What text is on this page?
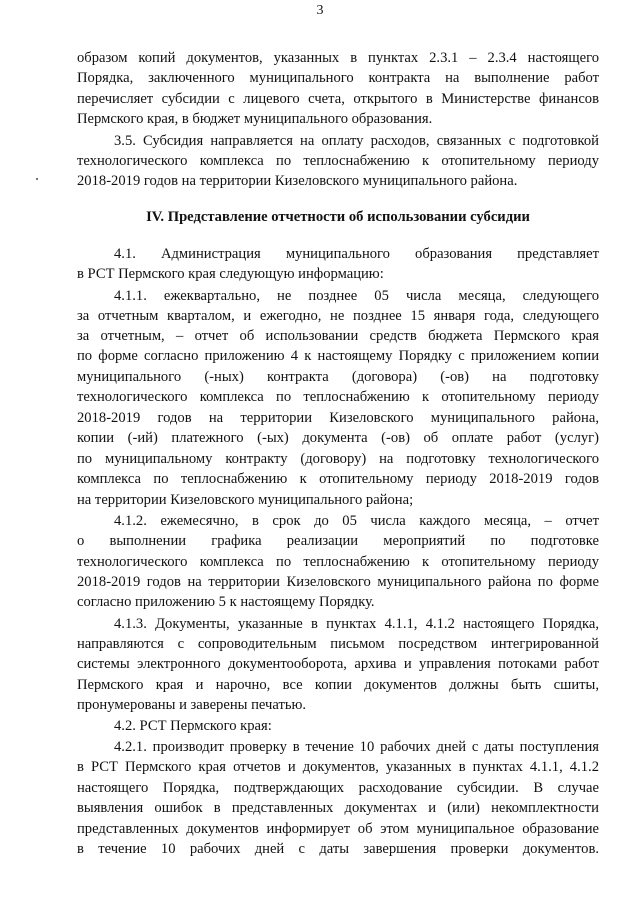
3
образом копий документов, указанных в пунктах 2.3.1 – 2.3.4 настоящего
Порядка, заключенного муниципального контракта на выполнение работ
перечисляет субсидии с лицевого счета, открытого в Министерстве финансов
Пермского края, в бюджет муниципального образования.
3.5. Субсидия направляется на оплату расходов, связанных с подготовкой
технологического комплекса по теплоснабжению к отопительному периоду
2018-2019 годов на территории Кизеловского муниципального района.
IV. Представление отчетности об использовании субсидии
4.1. Администрация муниципального образования представляет
в РСТ Пермского края следующую информацию:
4.1.1. ежеквартально, не позднее 05 числа месяца, следующего
за отчетным кварталом, и ежегодно, не позднее 15 января года, следующего
за отчетным, – отчет об использовании средств бюджета Пермского края
по форме согласно приложению 4 к настоящему Порядку с приложением копии
муниципального (-ных) контракта (договора) (-ов) на подготовку
технологического комплекса по теплоснабжению к отопительному периоду
2018-2019 годов на территории Кизеловского муниципального района,
копии (-ий) платежного (-ых) документа (-ов) об оплате работ (услуг)
по муниципальному контракту (договору) на подготовку технологического
комплекса по теплоснабжению к отопительному периоду 2018-2019 годов
на территории Кизеловского муниципального района;
4.1.2. ежемесячно, в срок до 05 числа каждого месяца, – отчет
о выполнении графика реализации мероприятий по подготовке
технологического комплекса по теплоснабжению к отопительному периоду
2018-2019 годов на территории Кизеловского муниципального района по форме
согласно приложению 5 к настоящему Порядку.
4.1.3. Документы, указанные в пунктах 4.1.1, 4.1.2 настоящего Порядка,
направляются с сопроводительным письмом посредством интегрированной
системы электронного документооборота, архива и управления потоками работ
Пермского края и нарочно, все копии документов должны быть сшиты,
пронумерованы и заверены печатью.
4.2. РСТ Пермского края:
4.2.1. производит проверку в течение 10 рабочих дней с даты поступления
в РСТ Пермского края отчетов и документов, указанных в пунктах 4.1.1, 4.1.2
настоящего Порядка, подтверждающих расходование субсидии. В случае
выявления ошибок в представленных документах и (или) некомплектности
представленных документов информирует об этом муниципальное образование
в течение 10 рабочих дней с даты завершения проверки документов.
